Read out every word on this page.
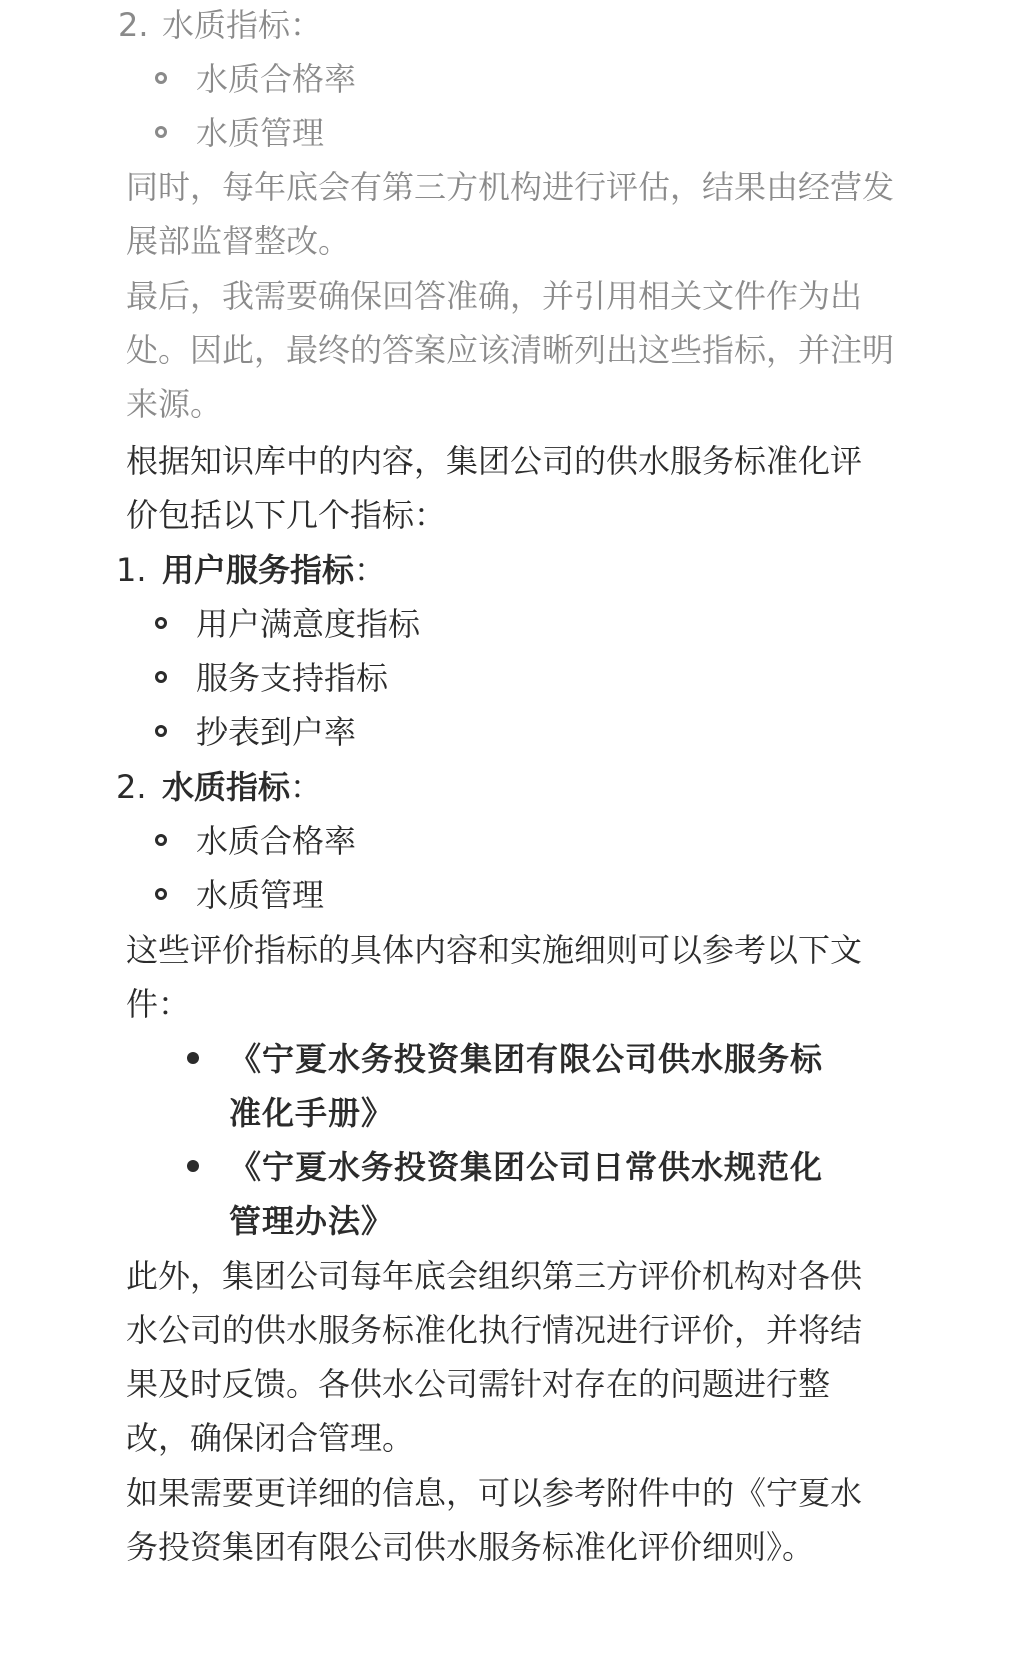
2. 水质指标：
水质合格率
水质管理
同时，每年底会有第三方机构进行评估，结果由经营发
展部监督整改。
最后，我需要确保回答准确，并引用相关文件作为出
处。因此，最终的答案应该清晰列出这些指标，并注明
来源。
根据知识库中的内容，集团公司的供水服务标准化评
价包括以下几个指标：
1. 用户服务指标：
用户满意度指标
服务支持指标
抄表到户率
2. 水质指标：
水质合格率
水质管理
这些评价指标的具体内容和实施细则可以参考以下文
件：
《宁夏水务投资集团有限公司供水服务标
准化手册》
《宁夏水务投资集团公司日常供水规范化
管理办法》
此外，集团公司每年底会组织第三方评价机构对各供
水公司的供水服务标准化执行情况进行评价，并将结
果及时反馈。各供水公司需针对存在的问题进行整
改，确保闭合管理。
如果需要更详细的信息，可以参考附件中的《宁夏水
务投资集团有限公司供水服务标准化评价细则》。
